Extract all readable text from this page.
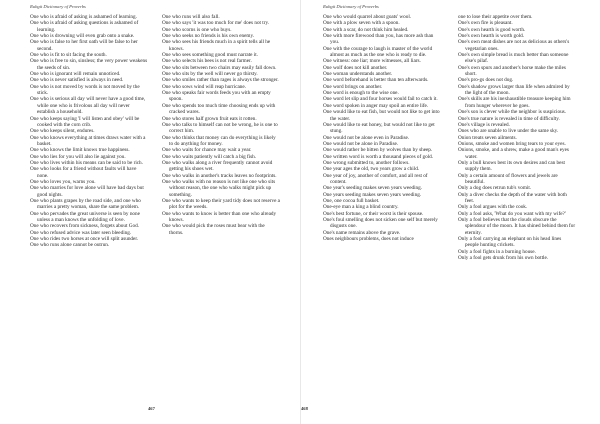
Rubgit Dictionary of Proverbs
One who is afraid of asking is ashamed of learning.
One who is afraid of asking questions is ashamed of learning.
One who is drowning will even grab onto a snake.
One who is false to her first oath will be false to her second.
One who is fit to sit facing the south.
One who is free to sin, sinsless; the very power weakens the seeds of sin.
One who is ignorant will remain unnoticed.
One who is never satisfied is always in need.
One who is not moved by words is not moved by the stick.
One who is serious all day will never have a good time, while one who is frivolous all day will never establish a household.
One who keeps saying 'I will listen and obey' will be cooked with the corn crib.
One who keeps silent, endures.
One who knows everything at times draws water with a basket.
One who knows the limit knows true happiness.
One who lies for you will also lie against you.
One who lives within his means can be said to be rich.
One who looks for a friend without faults will have none.
One who loves you, warns you.
One who marries for love alone will have bad days but good nights.
One who plants grapes by the road side, and one who marries a pretty woman, share the same problem.
One who pervades the great universe is seen by none unless a man knows the unfolding of love.
One who recovers from sickness, forgets about God.
One who refused advice was later seen bleeding.
One who rides two horses at once will split asunder.
One who runs alone cannot be outrun.
One who runs will also fall.
One who says 'it was too much for me' does not try.
One who scorns is one who buys.
One who seeks no friends is his own enemy.
One who sees his friends much in a spirit tells all he knows.
One who sees something good must narrate it.
One who selects his bees is not real farmer.
One who sits between two chairs may easily fall down.
One who sits by the well will never go thirsty.
One who smiles rather than rages is always the stronger.
One who sows wind will reap hurricane.
One who speaks fair words feeds you with an empty spoon.
One who spends too much time choosing ends up with cracked wares.
One who stores half grown fruit eats it rotten.
One who talks to himself can not be wrong, he is one to correct him.
One who thinks that money can do everything is likely to do anything for money.
One who waits for chance may wait a year.
One who waits patiently will catch a big fish.
One who walks along a river frequently cannot avoid getting his shoes wet.
One who walks in another's tracks leaves no footprints.
One who walks with no reason is not like one who sits without reason, the one who walks might pick up something.
One who wants to keep their yard tidy does not reserve a plot for the weeds.
One who wants to know is better than one who already knows.
One who would pick the roses must bear with the thorns.
467
Rubgit Dictionary of Proverbs
One who would quarrel about goats' wool.
One with a plow seven with a spoon.
One with a scar, do not think him healed.
One with more firewood than you, has more ash than you.
One with the courage to laugh is master of the world almost as much as the one who is ready to die.
One witness: one liar; more witnesses, all liars.
One wolf does not kill another.
One woman understands another.
One word beforehand is better than ten afterwards.
One word brings on another.
One word is enough to the wise one.
One word let slip and four horses would fail to catch it.
One word spoken in anger may spoil an entire life.
One would like to eat fish, but would not like to get into the water.
One would like to eat honey, but would not like to get stung.
One would not be alone even in Paradise.
One would not be alone in Paradise.
One would rather be bitten by wolves than by sheep.
One written word is worth a thousand pieces of gold.
One wrong submitted to, another follows.
One year ages the old, two years grow a child.
One year of joy, another of comfort, and all rest of content.
One year's seeding makes seven years weeding.
One years seeding makes seven years weeding.
One, one cocoa full basket.
One-eye man a king a blind country.
One's best fortune, or their worst is their spouse.
One's foul smelling does not sicken one self but merely disgusts one.
One's name remains above the grave.
Ones neighbours problems, does not induce
one to lose their appetite over them.
One's own fire is pleasant.
One's own hearth is good worth.
One's own hearth is worth gold.
One's own meat dishes are not as delicious as others's vegetarian ones.
One's own simple bread is much better than someone else's pilaf.
One's own spurs and another's horse make the miles short.
One's pro-gs does not dog.
One's shadow grows larger than life when admired by the light of the moon.
One's skills are his inexhaustible treasure keeping him from hunger wherever he goes.
One's son is clever while the neighbor is suspicious.
One's true nature is revealed in time of difficulty.
One's village is revealed.
Ones who are unable to live under the same sky.
Onion treats seven ailments.
Onions, smoke and women bring tears to your eyes.
Onions, smoke, and a shrew, make a good man's eyes water.
Only a bull knows best its own desires and can best supply them.
Only a certain amount of flowers and jewels are beautiful.
Only a dog does retrun tub's vomit.
Only a diver checks the depth of the water with both feet.
Only a fool argues with the cook.
Only a fool asks, 'What do you want with my wife?'
Only a fool believes that the clouds obscure the splendour of the moon. It has shined behind them for eternity.
Only a fool carrying an elephant on his head lines people hunting crickets.
Only a fool fights in a burning house.
Only a fool gets drunk from his own bottle.
468
